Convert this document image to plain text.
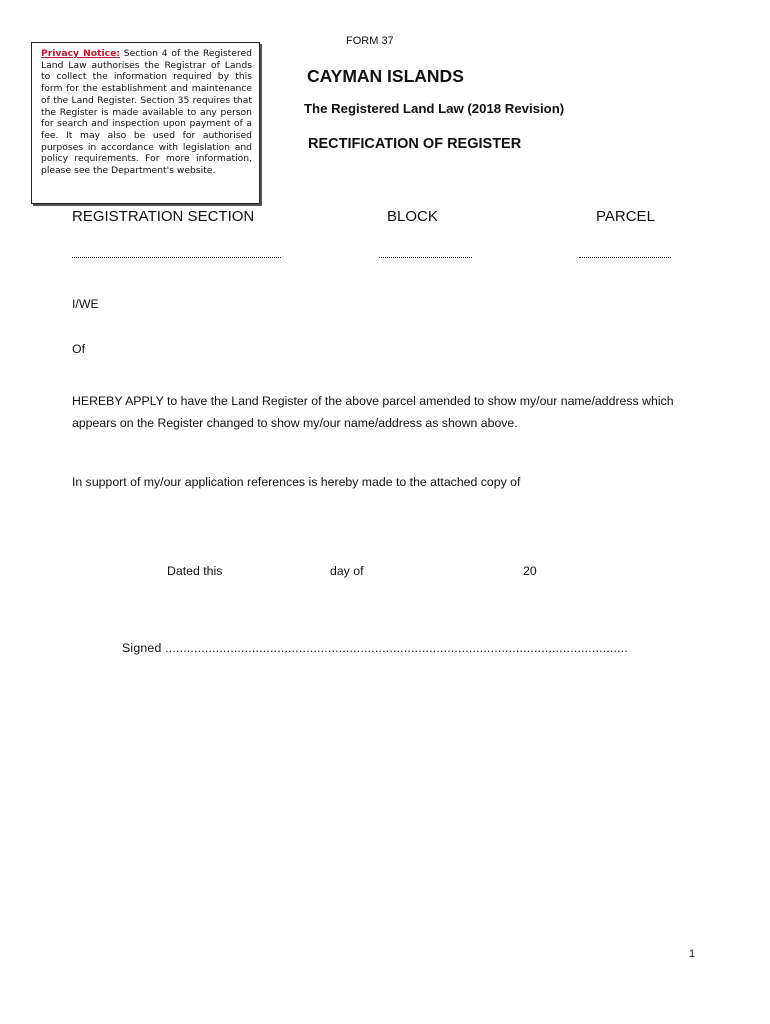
Privacy Notice: Section 4 of the Registered Land Law authorises the Registrar of Lands to collect the information required by this form for the establishment and maintenance of the Land Register. Section 35 requires that the Register is made available to any person for search and inspection upon payment of a fee. It may also be used for authorised purposes in accordance with legislation and policy requirements. For more information, please see the Department's website.
FORM 37
CAYMAN ISLANDS
The Registered Land Law (2018 Revision)
RECTIFICATION OF REGISTER
REGISTRATION SECTION	BLOCK	PARCEL
I/WE
Of
HEREBY APPLY to have the Land Register of the above parcel amended to show my/our name/address which
appears on the Register changed to show my/our name/address as shown above.
In support of my/our application references is hereby made to the attached copy of
Dated this	day of	20
Signed ................................................................................................................................
1
